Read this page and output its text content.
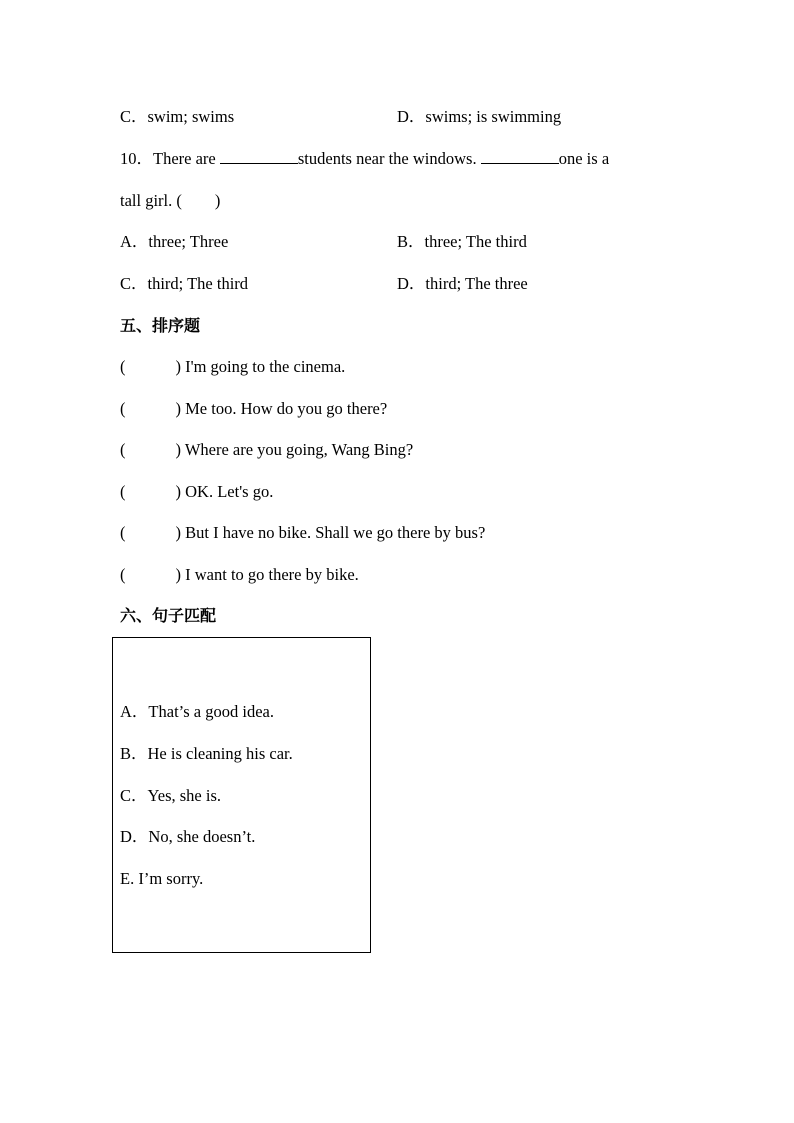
C．swim; swims	D．swims; is swimming
10．There are	students near the windows.	one is a
tall girl. (　　)
A．three; Three	B．three; The third
C．third; The third	D．third; The three
五、排序题
(	) I'm going to the cinema.
(	) Me too. How do you go there?
(	) Where are you going, Wang Bing?
(	) OK. Let's go.
(	) But I have no bike. Shall we go there by bus?
(	) I want to go there by bike.
六、句子匹配
A．That’s a good idea.
B．He is cleaning his car.
C．Yes, she is.
D．No, she doesn’t.
E. I’m sorry.
